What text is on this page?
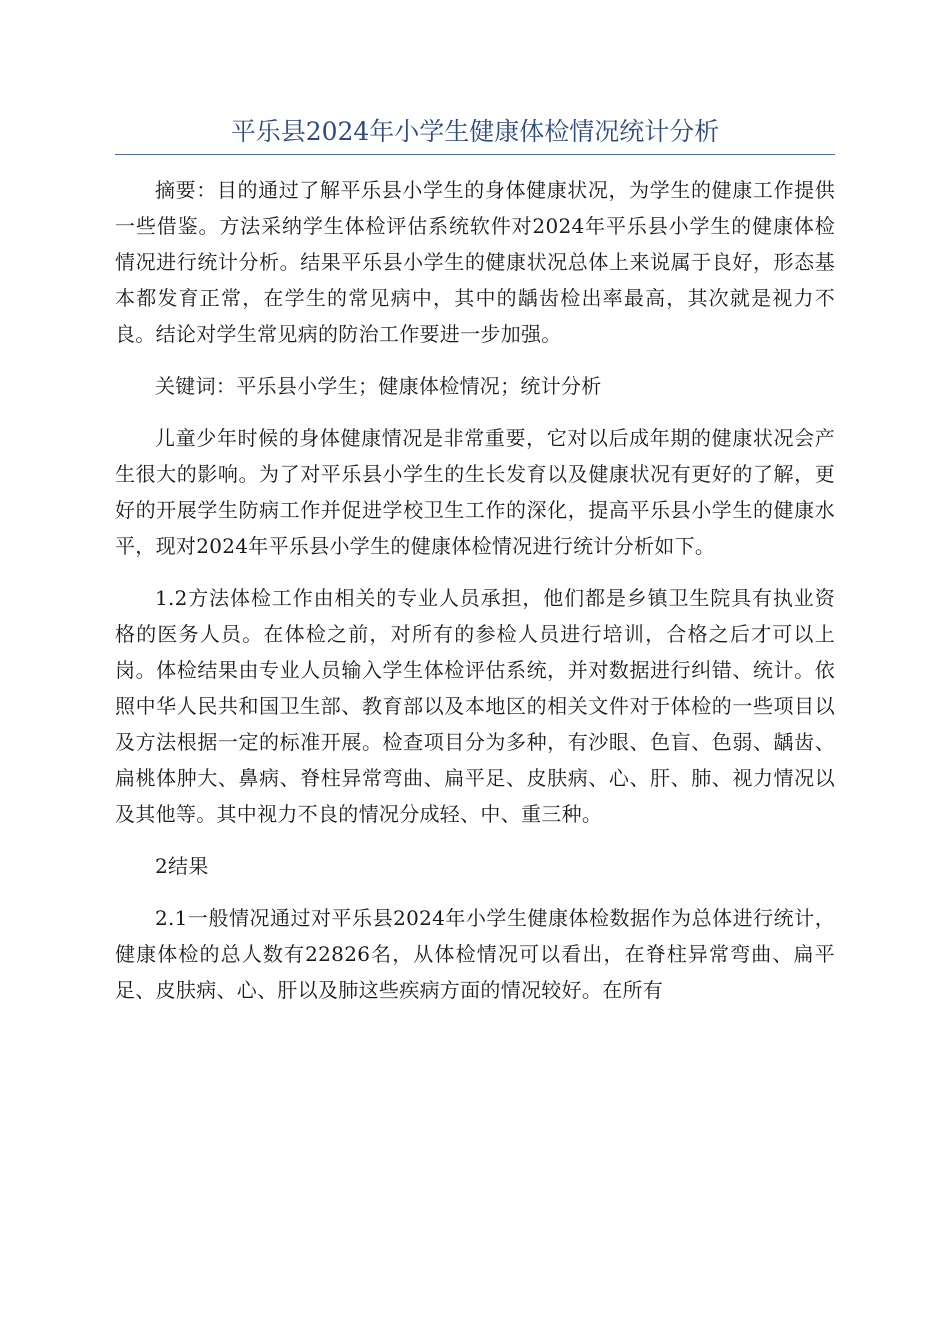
平乐县2024年小学生健康体检情况统计分析

摘要：目的通过了解平乐县小学生的身体健康状况，为学生的健康工作提供一些借鉴。方法采纳学生体检评估系统软件对2024年平乐县小学生的健康体检情况进行统计分析。结果平乐县小学生的健康状况总体上来说属于良好，形态基本都发育正常，在学生的常见病中，其中的龋齿检出率最高，其次就是视力不良。结论对学生常见病的防治工作要进一步加强。

关键词：平乐县小学生；健康体检情况；统计分析

儿童少年时候的身体健康情况是非常重要，它对以后成年期的健康状况会产生很大的影响。为了对平乐县小学生的生长发育以及健康状况有更好的了解，更好的开展学生防病工作并促进学校卫生工作的深化，提高平乐县小学生的健康水平，现对2024年平乐县小学生的健康体检情况进行统计分析如下。

1.2方法体检工作由相关的专业人员承担，他们都是乡镇卫生院具有执业资格的医务人员。在体检之前，对所有的参检人员进行培训，合格之后才可以上岗。体检结果由专业人员输入学生体检评估系统，并对数据进行纠错、统计。依照中华人民共和国卫生部、教育部以及本地区的相关文件对于体检的一些项目以及方法根据一定的标准开展。检查项目分为多种，有沙眼、色盲、色弱、龋齿、扁桃体肿大、鼻病、脊柱异常弯曲、扁平足、皮肤病、心、肝、肺、视力情况以及其他等。其中视力不良的情况分成轻、中、重三种。

2结果

2.1一般情况通过对平乐县2024年小学生健康体检数据作为总体进行统计，健康体检的总人数有22826名，从体检情况可以看出，在脊柱异常弯曲、扁平足、皮肤病、心、肝以及肺这些疾病方面的情况较好。在所有
